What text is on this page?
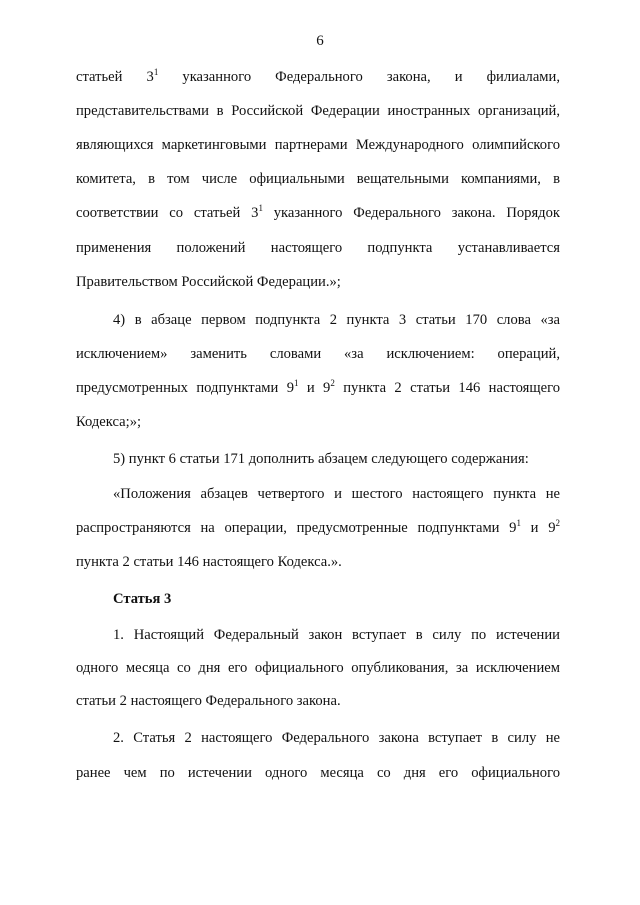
6
статьей $3^1$ указанного Федерального закона, и филиалами,
представительствами в Российской Федерации иностранных организаций,
являющихся маркетинговыми партнерами Международного олимпийского
комитета, в том числе официальными вещательными компаниями, в
соответствии со статьей $3^1$ указанного Федерального закона. Порядок
применения положений настоящего подпункта устанавливается
Правительством Российской Федерации.»;
4) в абзаце первом подпункта 2 пункта 3 статьи 170 слова «за
исключением» заменить словами «за исключением: операций,
предусмотренных подпунктами $9^1$ и $9^2$ пункта 2 статьи 146 настоящего
Кодекса;»;
5) пункт 6 статьи 171 дополнить абзацем следующего содержания:
«Положения абзацев четвертого и шестого настоящего пункта не
распространяются на операции, предусмотренные подпунктами $9^1$ и $9^2$
пункта 2 статьи 146 настоящего Кодекса.».
Статья 3
1. Настоящий Федеральный закон вступает в силу по истечении
одного месяца со дня его официального опубликования, за исключением
статьи 2 настоящего Федерального закона.
2. Статья 2 настоящего Федерального закона вступает в силу не
ранее чем по истечении одного месяца со дня его официального
